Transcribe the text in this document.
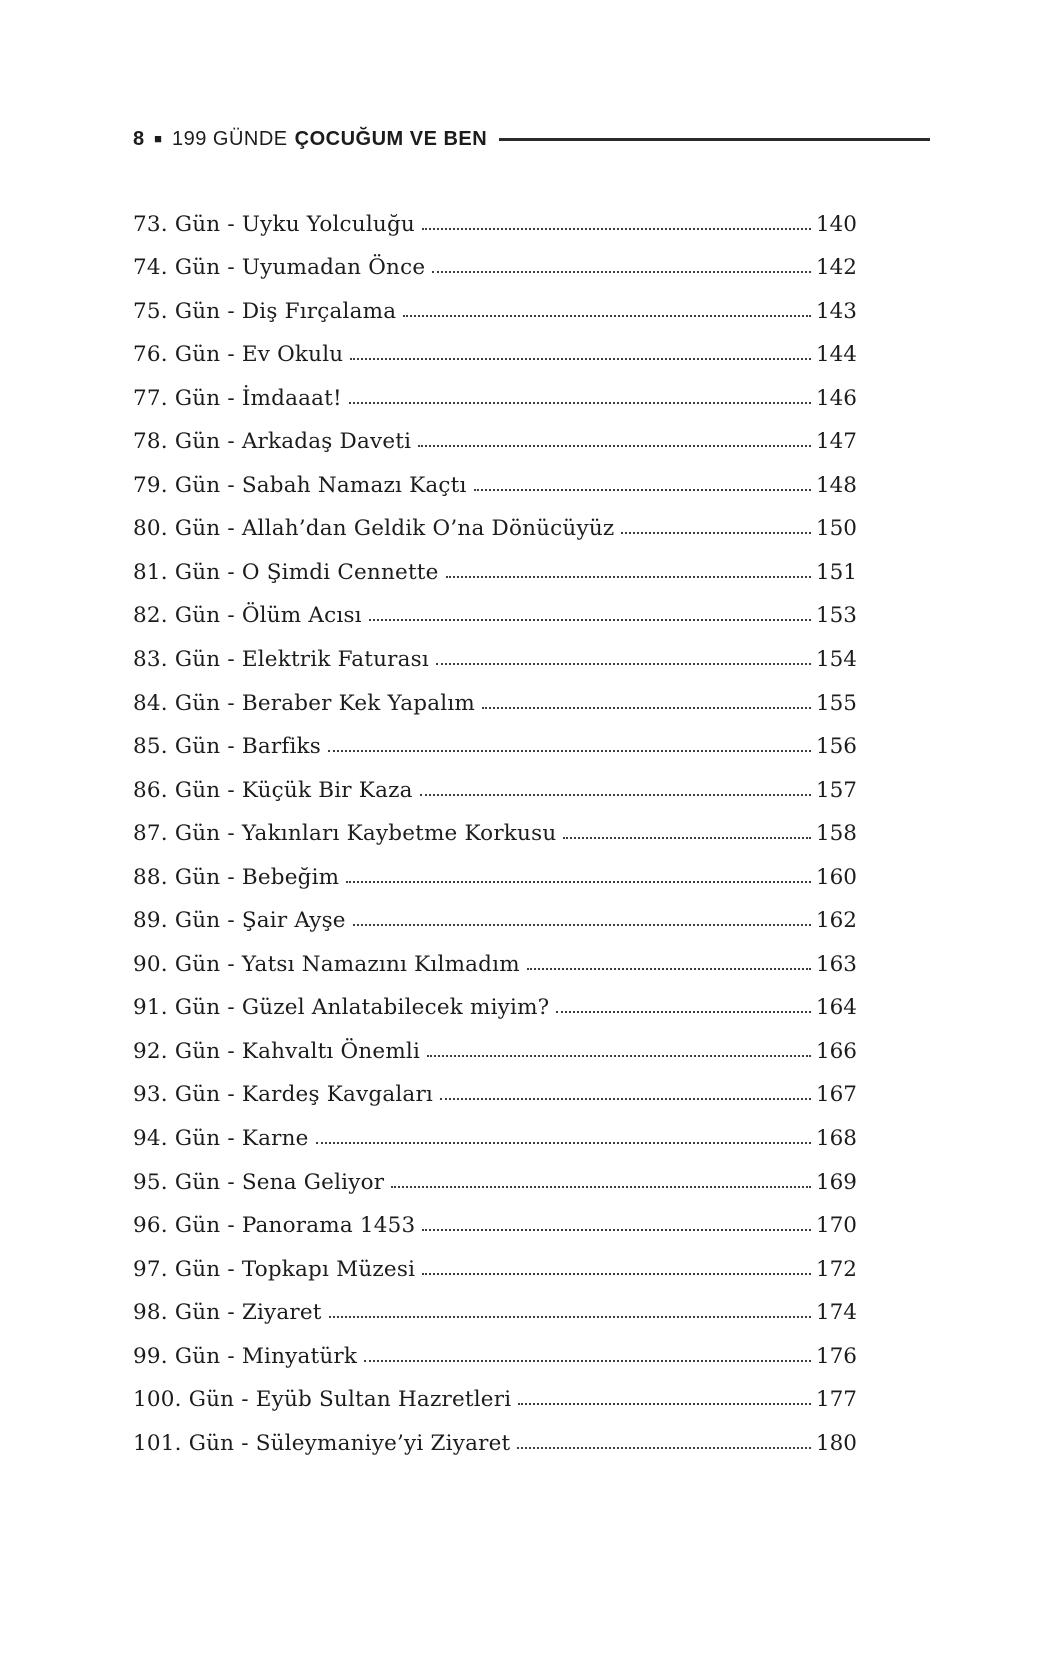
8 ■ 199 GÜNDE ÇOCUĞUM VE BEN
73. Gün - Uyku Yolculuğu	140
74. Gün - Uyumadan Önce	142
75. Gün - Diş Fırçalama	143
76. Gün - Ev Okulu	144
77. Gün - İmdaaat!	146
78. Gün - Arkadaş Daveti	147
79. Gün - Sabah Namazı Kaçtı	148
80. Gün - Allah’dan Geldik O’na Dönücüyüz	150
81. Gün - O Şimdi Cennette	151
82. Gün - Ölüm Acısı	153
83. Gün - Elektrik Faturası	154
84. Gün - Beraber Kek Yapalım	155
85. Gün - Barfiks	156
86. Gün - Küçük Bir Kaza	157
87. Gün - Yakınları Kaybetme Korkusu	158
88. Gün - Bebeğim	160
89. Gün - Şair Ayşe	162
90. Gün - Yatsı Namazını Kılmadım	163
91. Gün - Güzel Anlatabilecek miyim?	164
92. Gün - Kahvaltı Önemli	166
93. Gün - Kardeş Kavgaları	167
94. Gün - Karne	168
95. Gün - Sena Geliyor	169
96. Gün - Panorama 1453	170
97. Gün - Topkapı Müzesi	172
98. Gün - Ziyaret	174
99. Gün - Minyatürk	176
100. Gün - Eyüb Sultan Hazretleri	177
101. Gün - Süleymaniye’yi Ziyaret	180
